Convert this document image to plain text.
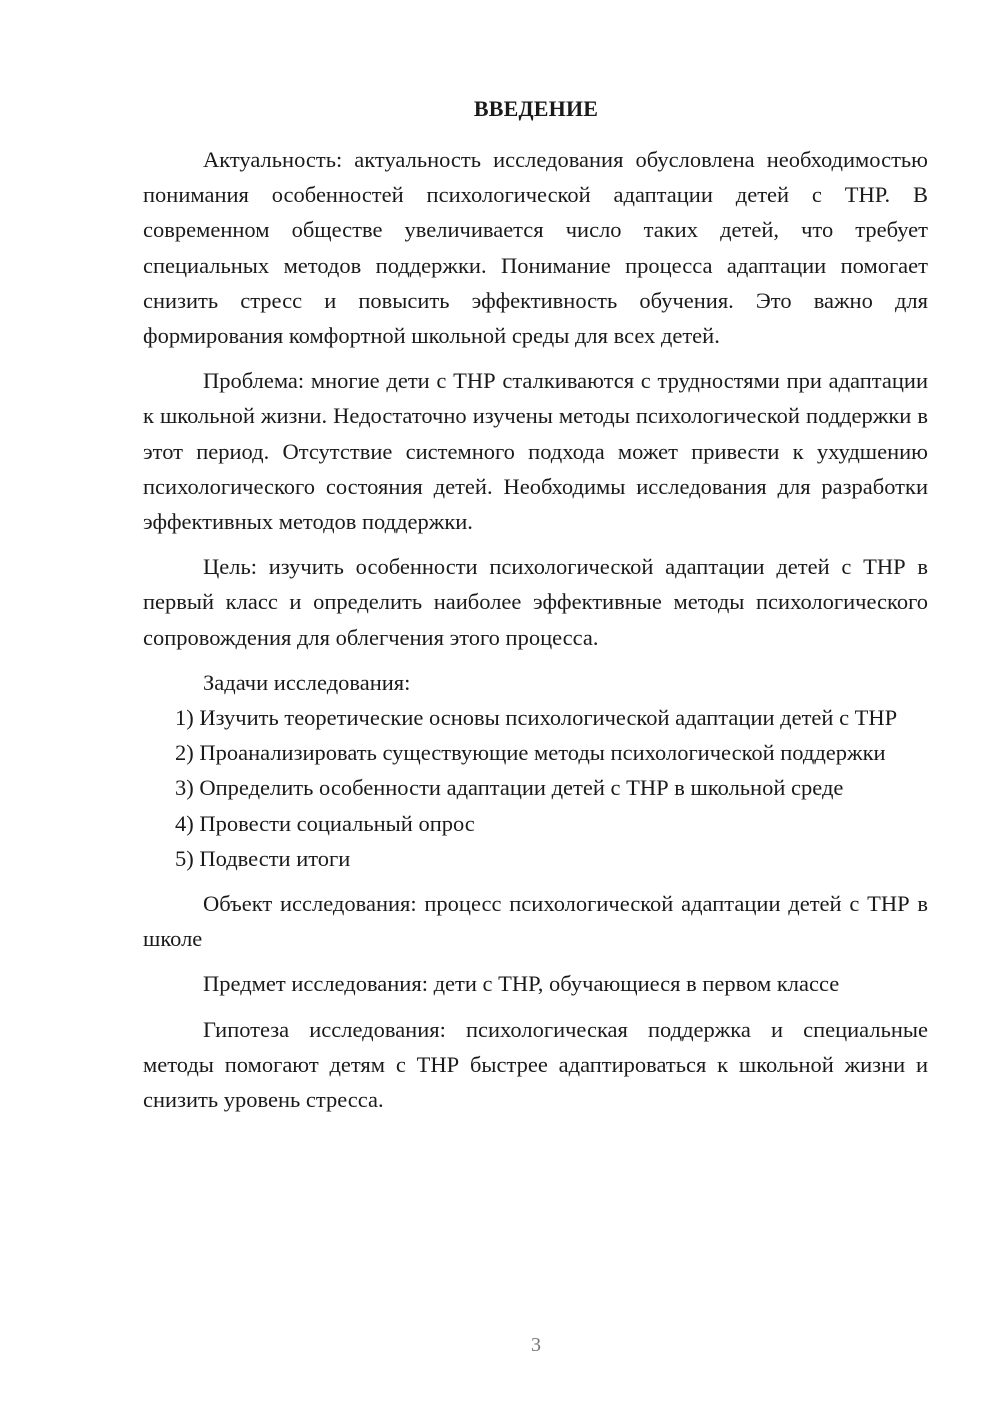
ВВЕДЕНИЕ

Актуальность: актуальность исследования обусловлена необходимостью понимания особенностей психологической адаптации детей с ТНР. В современном обществе увеличивается число таких детей, что требует специальных методов поддержки. Понимание процесса адаптации помогает снизить стресс и повысить эффективность обучения. Это важно для формирования комфортной школьной среды для всех детей.

Проблема: многие дети с ТНР сталкиваются с трудностями при адаптации к школьной жизни. Недостаточно изучены методы психологической поддержки в этот период. Отсутствие системного подхода может привести к ухудшению психологического состояния детей. Необходимы исследования для разработки эффективных методов поддержки.

Цель: изучить особенности психологической адаптации детей с ТНР в первый класс и определить наиболее эффективные методы психологического сопровождения для облегчения этого процесса.

Задачи исследования:

1) Изучить теоретические основы психологической адаптации детей с ТНР

2) Проанализировать существующие методы психологической поддержки

3) Определить особенности адаптации детей с ТНР в школьной среде

4) Провести социальный опрос

5) Подвести итоги

Объект исследования: процесс психологической адаптации детей с ТНР в школе

Предмет исследования: дети с ТНР, обучающиеся в первом классе

Гипотеза исследования: психологическая поддержка и специальные методы помогают детям с ТНР быстрее адаптироваться к школьной жизни и снизить уровень стресса.

3
